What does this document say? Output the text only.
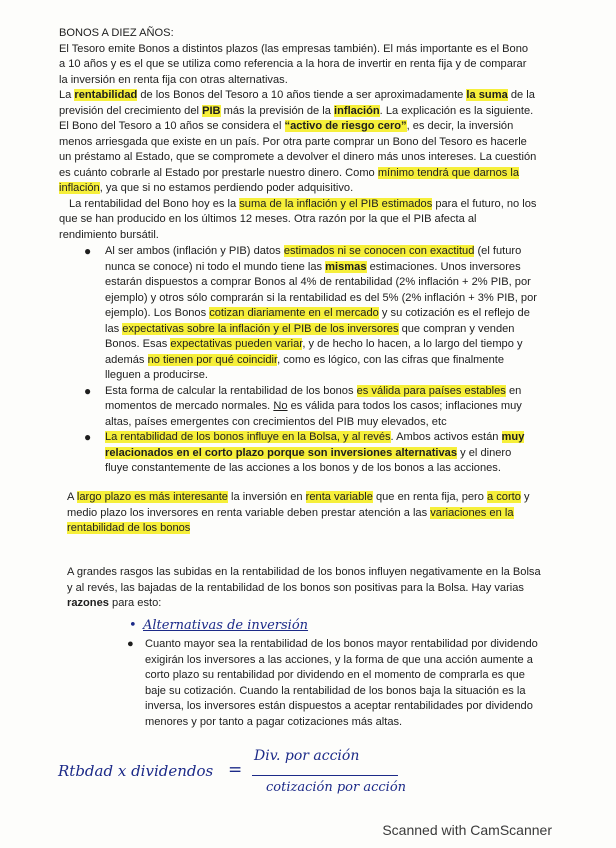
BONOS A DIEZ AÑOS:

El Tesoro emite Bonos a distintos plazos (las empresas también). El más importante es el Bono a 10 años y es el que se utiliza como referencia a la hora de invertir en renta fija y de comparar la inversión en renta fija con otras alternativas.

La rentabilidad de los Bonos del Tesoro a 10 años tiende a ser aproximadamente la suma de la previsión del crecimiento del PIB más la previsión de la inflación. La explicación es la siguiente.

El Bono del Tesoro a 10 años se considera el “activo de riesgo cero”, es decir, la inversión menos arriesgada que existe en un país. Por otra parte comprar un Bono del Tesoro es hacerle un préstamo al Estado, que se compromete a devolver el dinero más unos intereses. La cuestión es cuánto cobrarle al Estado por prestarle nuestro dinero. Como mínimo tendrá que darnos la inflación, ya que si no estamos perdiendo poder adquisitivo.

La rentabilidad del Bono hoy es la suma de la inflación y el PIB estimados para el futuro, no los que se han producido en los últimos 12 meses. Otra razón por la que el PIB afecta al rendimiento bursátil.

● Al ser ambos (inflación y PIB) datos estimados ni se conocen con exactitud (el futuro nunca se conoce) ni todo el mundo tiene las mismas estimaciones. Unos inversores estarán dispuestos a comprar Bonos al 4% de rentabilidad (2% inflación + 2% PIB, por ejemplo) y otros sólo comprarán si la rentabilidad es del 5% (2% inflación + 3% PIB, por ejemplo). Los Bonos cotizan diariamente en el mercado y su cotización es el reflejo de las expectativas sobre la inflación y el PIB de los inversores que compran y venden Bonos. Esas expectativas pueden variar, y de hecho lo hacen, a lo largo del tiempo y además no tienen por qué coincidir, como es lógico, con las cifras que finalmente lleguen a producirse.
● Esta forma de calcular la rentabilidad de los bonos es válida para países estables en momentos de mercado normales. No es válida para todos los casos; inflaciones muy altas, países emergentes con crecimientos del PIB muy elevados, etc
● La rentabilidad de los bonos influye en la Bolsa, y al revés. Ambos activos están muy relacionados en el corto plazo porque son inversiones alternativas y el dinero fluye constantemente de las acciones a los bonos y de los bonos a las acciones.

A largo plazo es más interesante la inversión en renta variable que en renta fija, pero a corto y medio plazo los inversores en renta variable deben prestar atención a las variaciones en la rentabilidad de los bonos

A grandes rasgos las subidas en la rentabilidad de los bonos influyen negativamente en la Bolsa y al revés, las bajadas de la rentabilidad de los bonos son positivas para la Bolsa. Hay varias razones para esto:

• Alternativas de inversión
● Cuanto mayor sea la rentabilidad de los bonos mayor rentabilidad por dividendo exigirán los inversores a las acciones, y la forma de que una acción aumente a corto plazo su rentabilidad por dividendo en el momento de comprarla es que baje su cotización. Cuando la rentabilidad de los bonos baja la situación es la inversa, los inversores están dispuestos a aceptar rentabilidades por dividendo menores y por tanto a pagar cotizaciones más altas.
Rtbdad x dividendos =
Div. por acción
cotización por acción
Scanned with CamScanner
